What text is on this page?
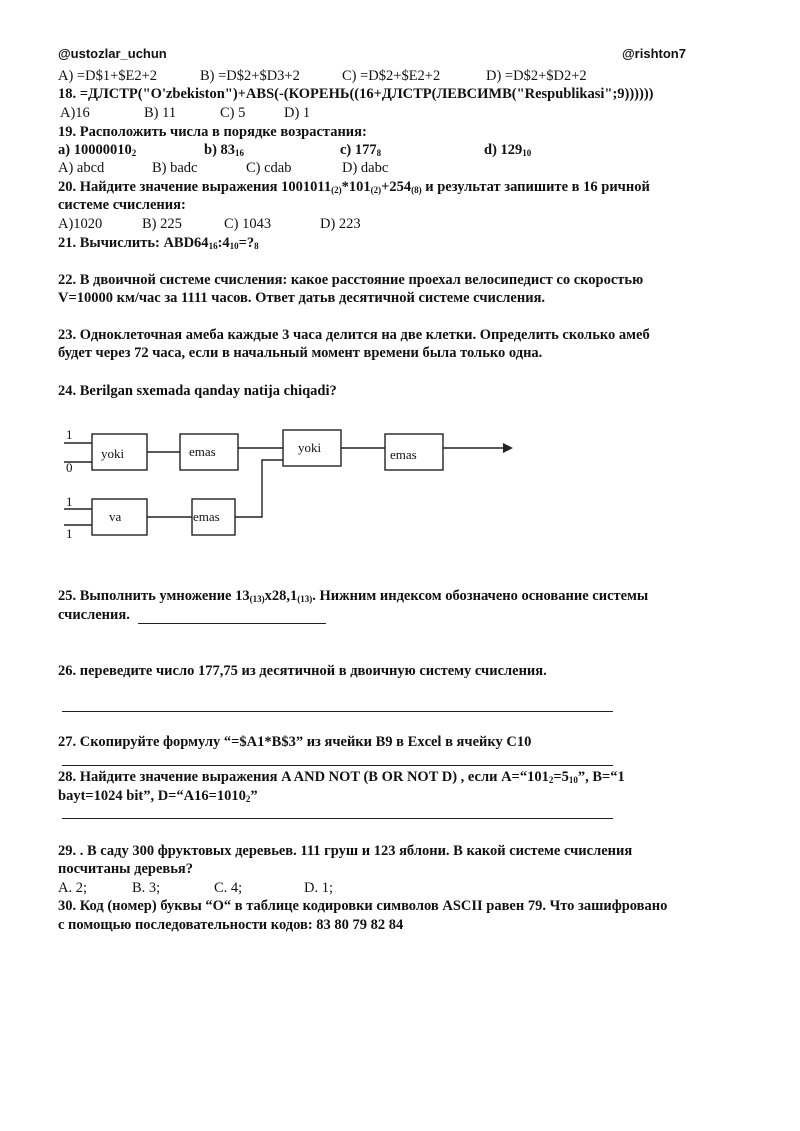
@ustozlar_uchun	@rishton7
A) =D$1+$E2+2	B) =D$2+$D3+2	C) =D$2+$E2+2	D) =D$2+$D2+2
18. =ДЛСТР("O'zbekiston")+ABS(-(КОРЕНЬ((16+ДЛСТР(ЛЕВСИМВ("Respublikasi";9))))))
A)16	B) 11	C) 5	D) 1
19. Расположить числа в порядке возрастания:
a) $10000010_2$	b) $83_{16}$	c) $177_8$	d) $129_{10}$
A) abcd	B) badc	C) cdab	D) dabc
20. Найдите значение выражения $1001011_{(2)}*101_{(2)}+254_{(8)}$ и результат запишите в 16 ричной
системе счисления:
A)1020	B) 225	C) 1043	D) 223
21. Вычислить: $ABD64_{16}:4_{10}=?_8$
22. В двоичной системе счисления: какое расстояние проехал велосипедист со скоростью
V=10000 км/час за 1111 часов. Ответ датьв десятичной системе счисления.
23. Одноклеточная амеба каждые 3 часа делится на две клетки. Определить сколько амеб
будет через 72 часа, если в начальный момент времени была только одна.
24. Berilgan sxemada qanday natija chiqadi?
1
0
1
1
yoki	emas	yoki	emas
va	emas
25. Выполнить умножение $13_{(13)}x28,1_{(13)}$. Нижним индексом обозначено основание системы
счисления.
26. переведите число 177,75 из десятичной в двоичную систему счисления.
27. Скопируйте формулу “=$A1*B$3” из ячейки B9 в Excel в ячейку C10
28. Найдите значение выражения A AND NOT (B OR NOT D) , если $A=“101_2=5_{10}$”, B=“1
bayt=1024 bit”, $D=“A16=1010_2$”
29. . В саду 300 фруктовых деревьев. 111 груш и 123 яблони. В какой системе счисления
посчитаны деревья?
A. 2;	B. 3;	C. 4;	D. 1;
30. Код (номер) буквы “O“ в таблице кодировки символов ASCII равен 79. Что зашифровано
с помощью последовательности кодов: 83 80 79 82 84
